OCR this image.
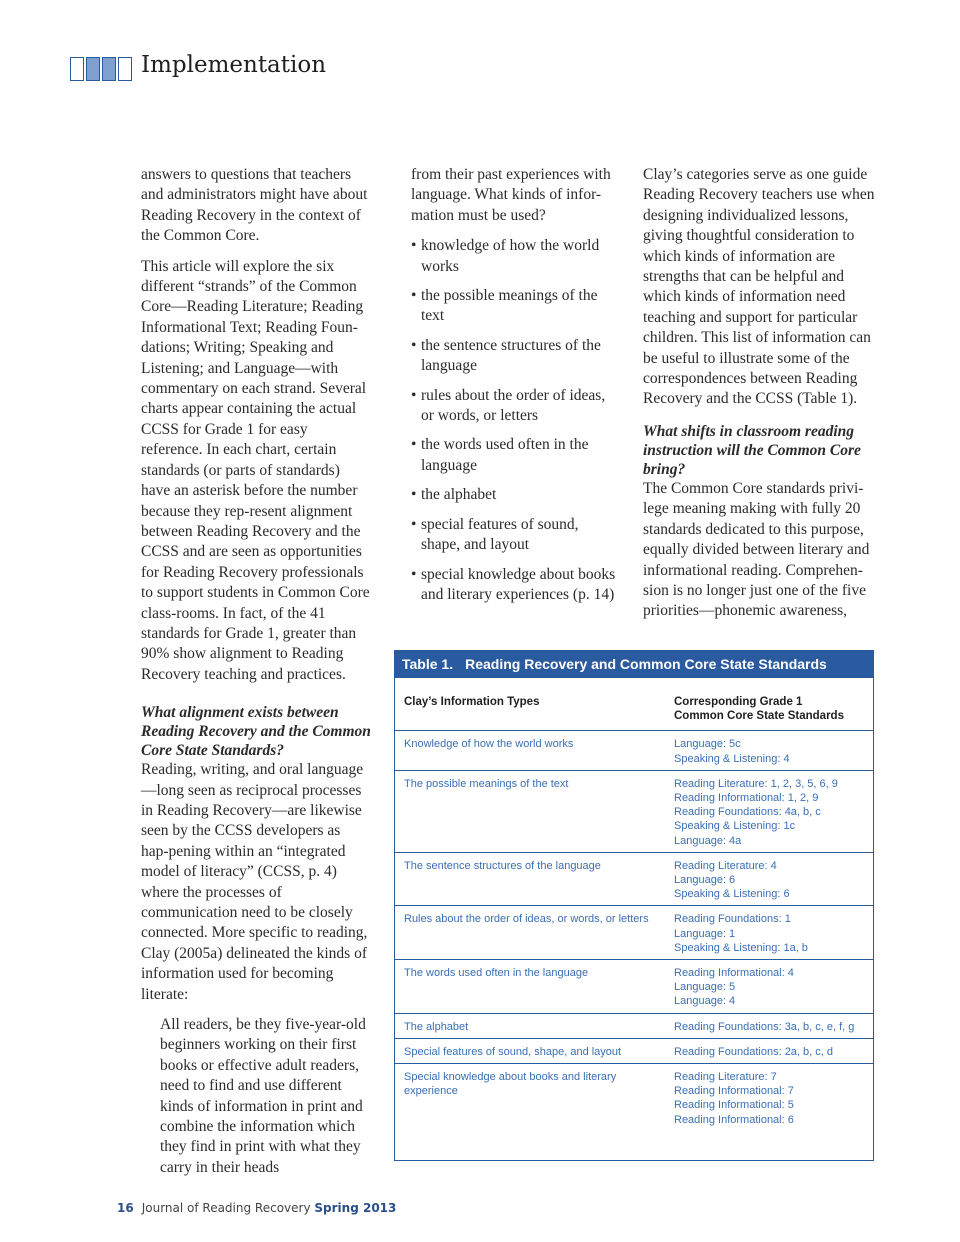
Implementation

answers to questions that teachers and administrators might have about Reading Recovery in the context of the Common Core.

This article will explore the six different “strands” of the Common Core—Reading Literature; Reading Informational Text; Reading Foun-dations; Writing; Speaking and Listening; and Language—with commentary on each strand. Several charts appear containing the actual CCSS for Grade 1 for easy reference. In each chart, certain standards (or parts of standards) have an asterisk before the number because they rep-resent alignment between Reading Recovery and the CCSS and are seen as opportunities for Reading Recovery professionals to support students in Common Core class-rooms. In fact, of the 41 standards for Grade 1, greater than 90% show alignment to Reading Recovery teaching and practices.

What alignment exists between Reading Recovery and the Common Core State Standards?

Reading, writing, and oral language —long seen as reciprocal processes in Reading Recovery—are likewise seen by the CCSS developers as hap-pening within an “integrated model of literacy” (CCSS, p. 4) where the processes of communication need to be closely connected. More specific to reading, Clay (2005a) delineated the kinds of information used for becoming literate:

All readers, be they five-year-old beginners working on their first books or effective adult readers, need to find and use different kinds of information in print and combine the information which they find in print with what they carry in their heads

from their past experiences with language. What kinds of infor-mation must be used?

• knowledge of how the world works
• the possible meanings of the text
• the sentence structures of the language
• rules about the order of ideas, or words, or letters
• the words used often in the language
• the alphabet
• special features of sound, shape, and layout
• special knowledge about books and literary experiences (p. 14)

Clay’s categories serve as one guide Reading Recovery teachers use when designing individualized lessons, giving thoughtful consideration to which kinds of information are strengths that can be helpful and which kinds of information need teaching and support for particular children. This list of information can be useful to illustrate some of the correspondences between Reading Recovery and the CCSS (Table 1).

What shifts in classroom reading instruction will the Common Core bring?

The Common Core standards privi-lege meaning making with fully 20 standards dedicated to this purpose, equally divided between literary and informational reading. Comprehen-sion is no longer just one of the five priorities—phonemic awareness,

Table 1. Reading Recovery and Common Core State Standards
Clay’s Information Types	Corresponding Grade 1
Common Core State Standards

Knowledge of how the world works	Language: 5c
Speaking & Listening: 4

The possible meanings of the text	Reading Literature: 1, 2, 3, 5, 6, 9
Reading Informational: 1, 2, 9
Reading Foundations: 4a, b, c
Speaking & Listening: 1c
Language: 4a

The sentence structures of the language	Reading Literature: 4
Language: 6
Speaking & Listening: 6

Rules about the order of ideas, or words, or letters	Reading Foundations: 1
Language: 1
Speaking & Listening: 1a, b

The words used often in the language	Reading Informational: 4
Language: 5
Language: 4

The alphabet	Reading Foundations: 3a, b, c, e, f, g

Special features of sound, shape, and layout	Reading Foundations: 2a, b, c, d

Special knowledge about books and literary experience	Reading Literature: 7
Reading Informational: 7
Reading Informational: 5
Reading Informational: 6
16 Journal of Reading Recovery Spring 2013
